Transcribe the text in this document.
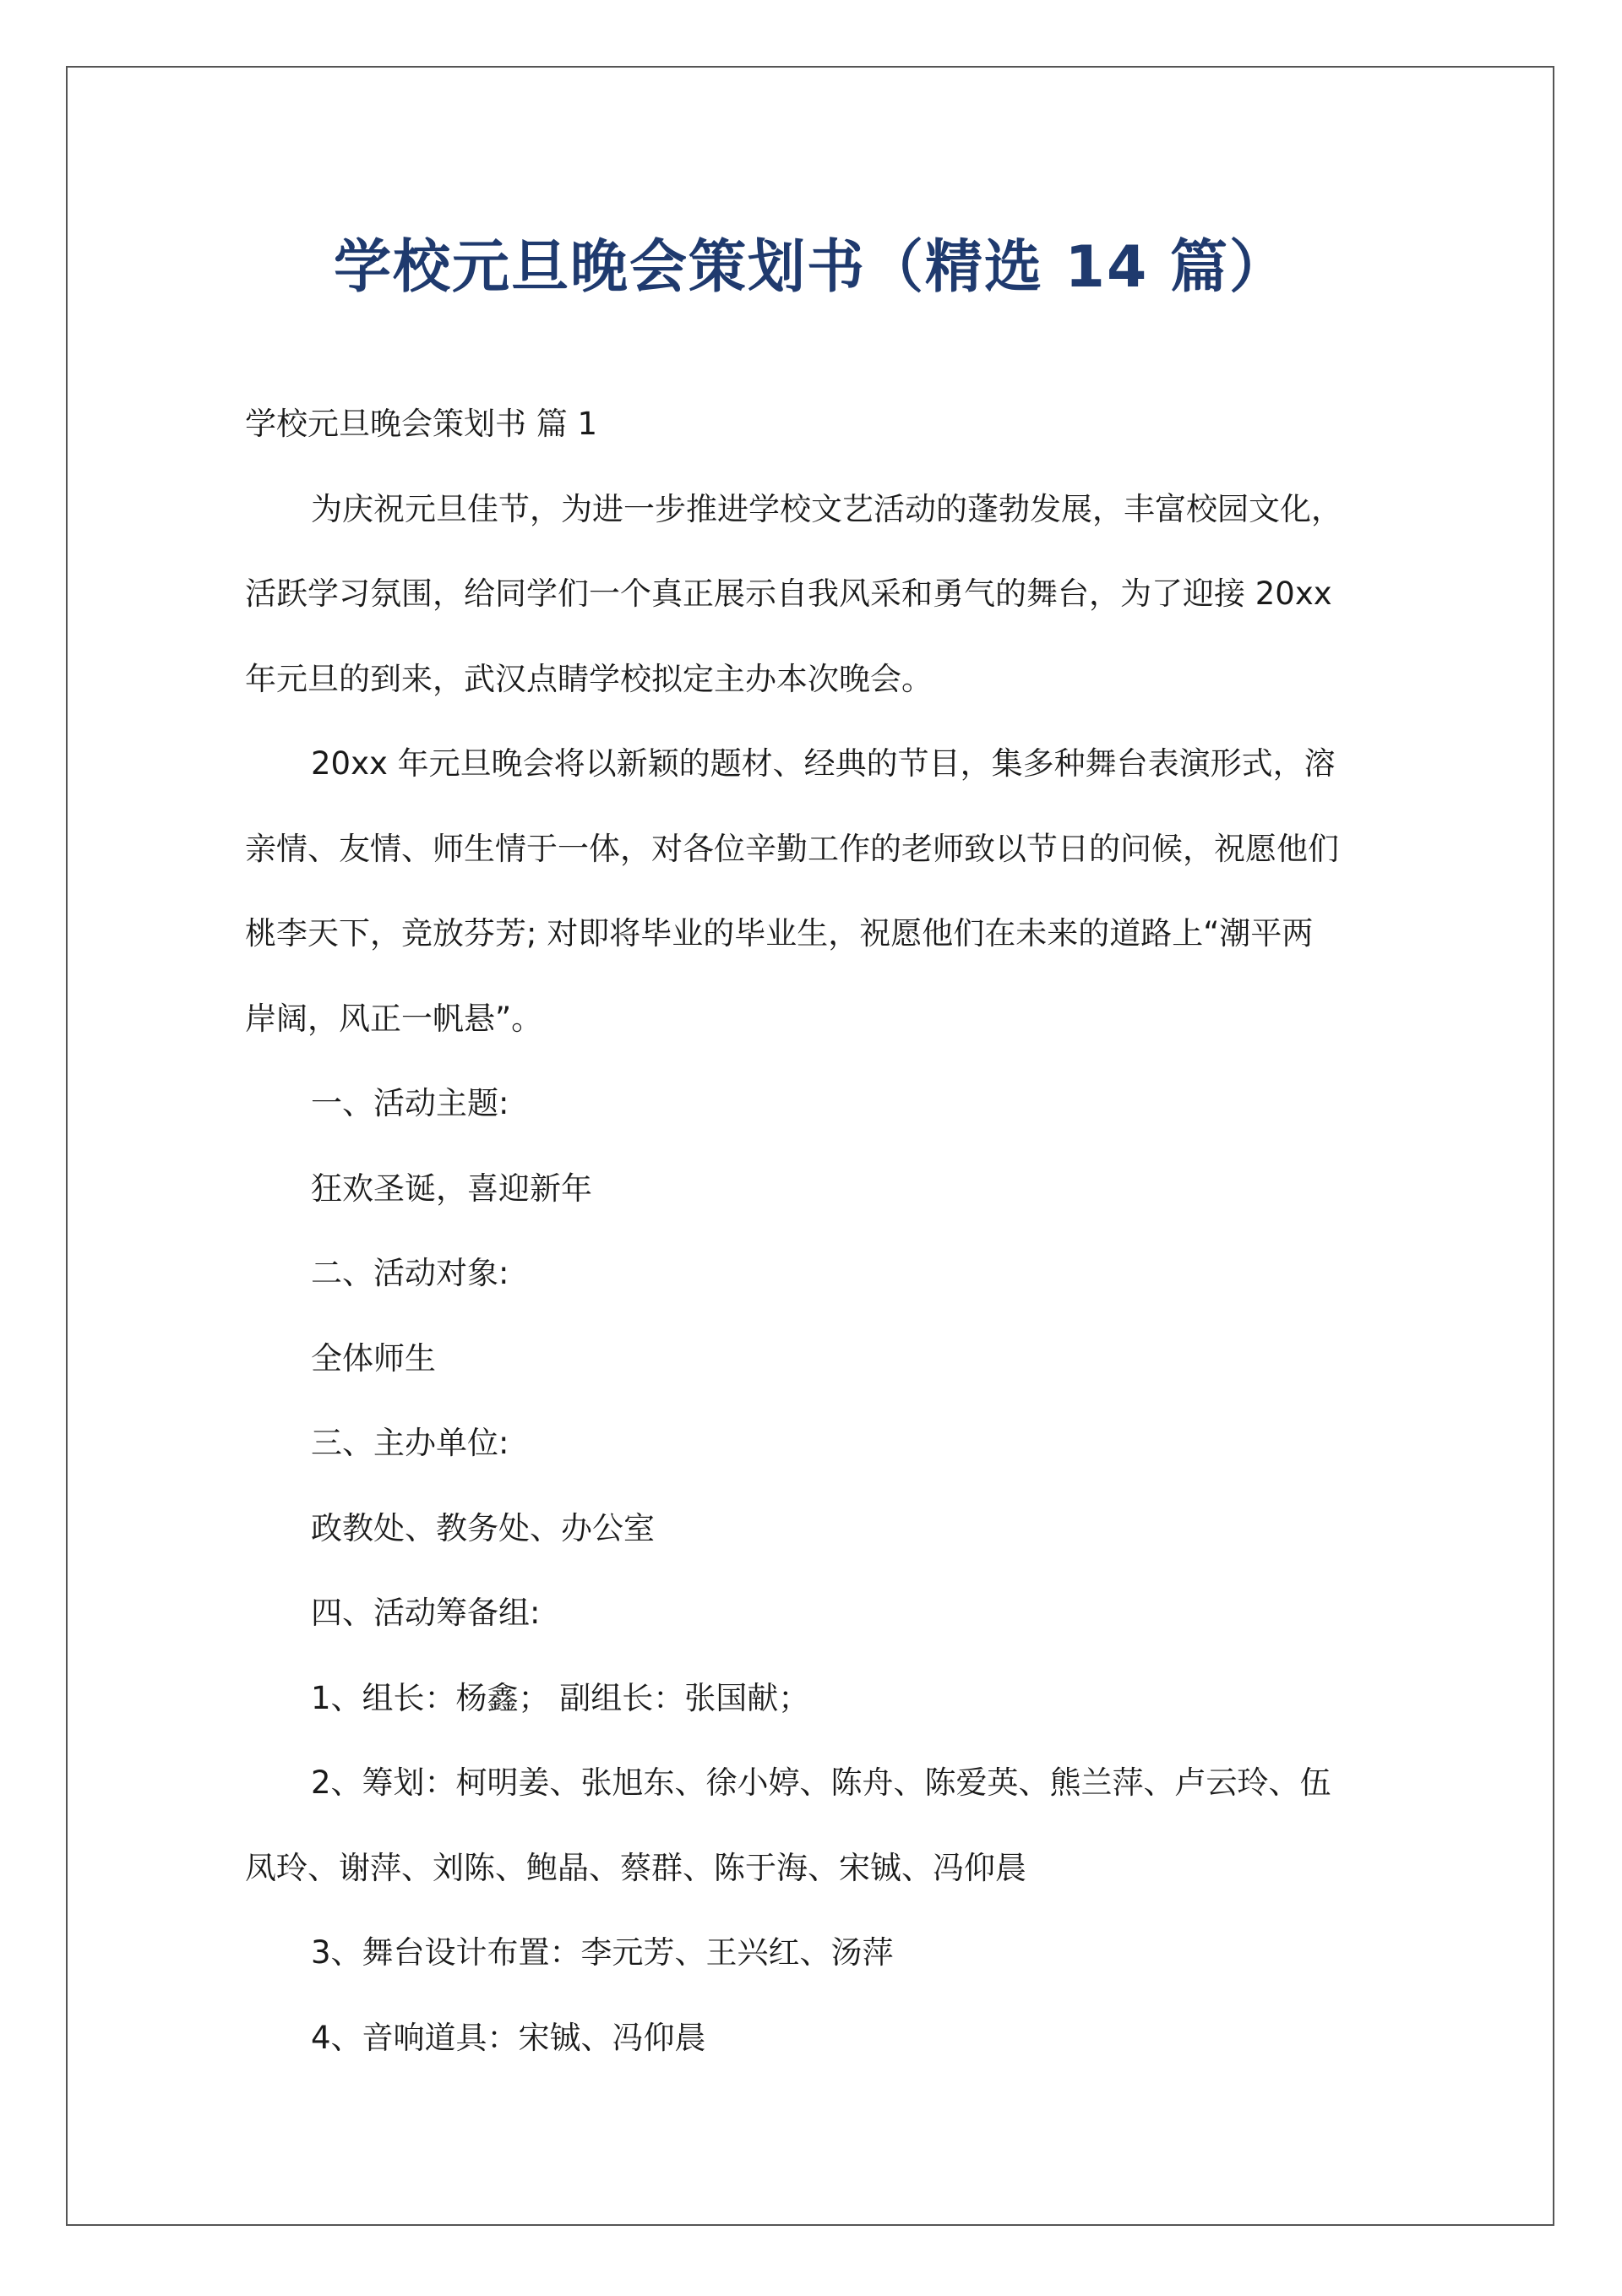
学校元旦晚会策划书（精选 14 篇）

学校元旦晚会策划书 篇 1

为庆祝元旦佳节，为进一步推进学校文艺活动的蓬勃发展，丰富校园文化，

活跃学习氛围，给同学们一个真正展示自我风采和勇气的舞台，为了迎接 20xx

年元旦的到来，武汉点睛学校拟定主办本次晚会。

20xx 年元旦晚会将以新颖的题材、经典的节目，集多种舞台表演形式，溶

亲情、友情、师生情于一体，对各位辛勤工作的老师致以节日的问候，祝愿他们

桃李天下，竞放芬芳; 对即将毕业的毕业生，祝愿他们在未来的道路上“潮平两

岸阔，风正一帆悬”。

一、活动主题:

狂欢圣诞，喜迎新年

二、活动对象:

全体师生

三、主办单位:

政教处、教务处、办公室

四、活动筹备组:

1、组长：杨鑫； 副组长：张国献；

2、筹划：柯明姜、张旭东、徐小婷、陈舟、陈爱英、熊兰萍、卢云玲、伍

凤玲、谢萍、刘陈、鲍晶、蔡群、陈于海、宋铖、冯仰晨

3、舞台设计布置：李元芳、王兴红、汤萍

4、音响道具：宋铖、冯仰晨
